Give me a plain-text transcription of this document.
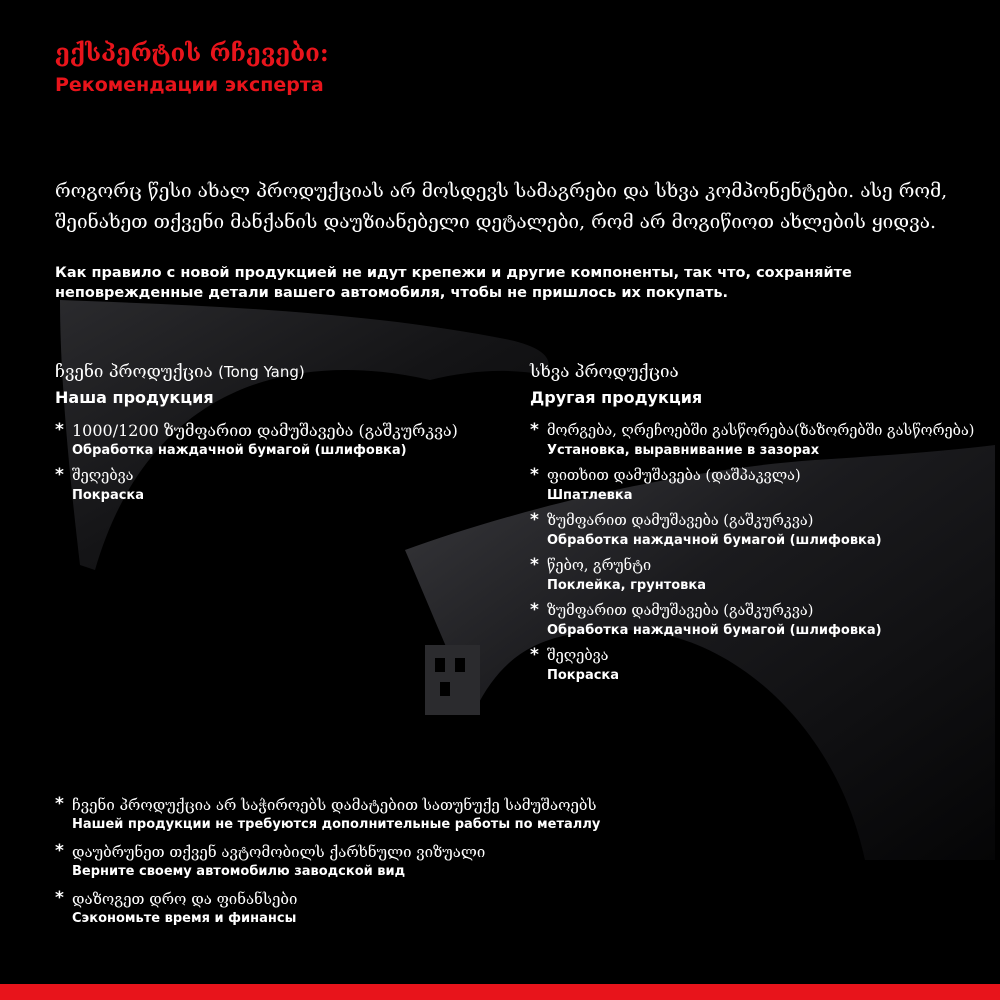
ექსპერტის რჩევები:
Рекомендации эксперта
როგორც წესი ახალ პროდუქციას არ მოსდევს სამაგრები და სხვა კომპონენტები. ასე რომ, შეინახეთ თქვენი მანქანის დაუზიანებელი დეტალები, რომ არ მოგიწიოთ ახლების ყიდვა.
Как правило с новой продукцией не идут крепежи и другие компоненты, так что, сохраняйте неповрежденные детали вашего автомобиля, чтобы не пришлось их покупать.
ჩვენი პროდუქცია (Tong Yang)
Наша продукция
* 1000/1200 ზუმფარით დამუშავება (გაშკურკვა)
Обработка наждачной бумагой (шлифовка)
* შეღებვა
Покраска
სხვა პროდუქცია
Другая продукция
* მორგება, ღრეჩოებში გასწორება(ზაზორებში გასწორება)
Установка, выравнивание в зазорах
* ფითხით დამუშავება (დაშპაკვლა)
Шпатлевка
* ზუმფარით დამუშავება (გაშკურკვა)
Обработка наждачной бумагой (шлифовка)
* წებო, გრუნტი
Поклейка, грунтовка
* ზუმფარით დამუშავება (გაშკურკვა)
Обработка наждачной бумагой (шлифовка)
* შეღებვა
Покраска
* ჩვენი პროდუქცია არ საჭიროებს დამატებით სათუნუქე სამუშაოებს
Нашей продукции не требуются дополнительные работы по металлу
* დაუბრუნეთ თქვენ ავტომობილს ქარხნული ვიზუალი
Верните своему автомобилю заводской вид
* დაზოგეთ დრო და ფინანსები
Сэкономьте время и финансы
